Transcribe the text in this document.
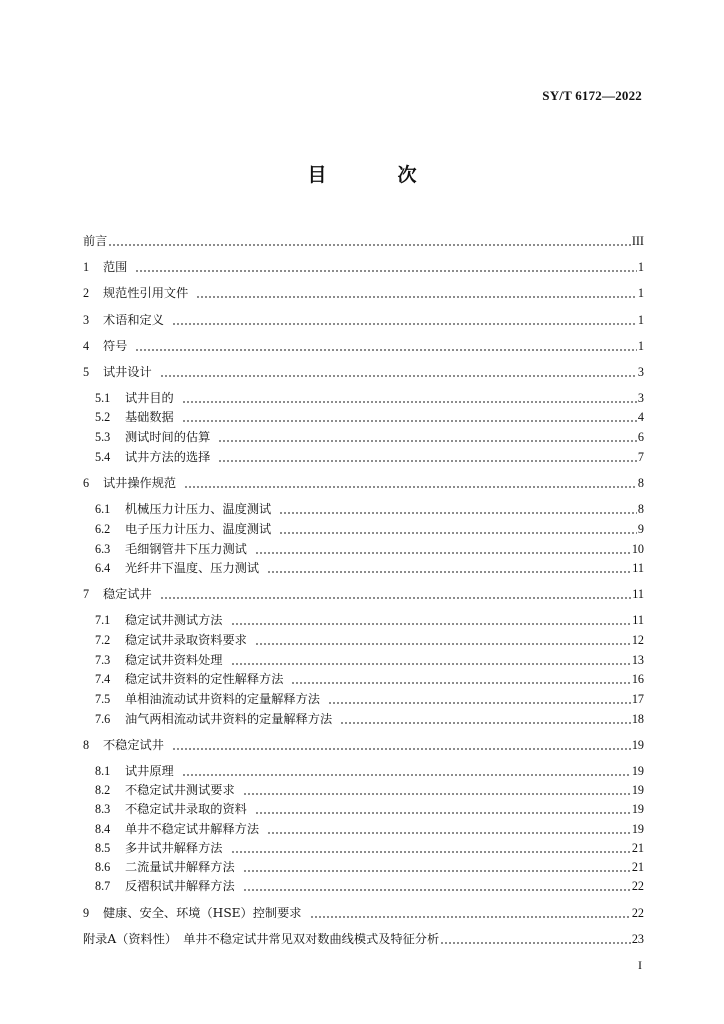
SY/T 6172—2022
目　次
前言	III
1	范围	1
2	规范性引用文件	1
3	术语和定义	1
4	符号	1
5	试井设计	3
5.1	试井目的	3
5.2	基础数据	4
5.3	测试时间的估算	6
5.4	试井方法的选择	7
6	试井操作规范	8
6.1	机械压力计压力、温度测试	8
6.2	电子压力计压力、温度测试	9
6.3	毛细钢管井下压力测试	10
6.4	光纤井下温度、压力测试	11
7	稳定试井	11
7.1	稳定试井测试方法	11
7.2	稳定试井录取资料要求	12
7.3	稳定试井资料处理	13
7.4	稳定试井资料的定性解释方法	16
7.5	单相油流动试井资料的定量解释方法	17
7.6	油气两相流动试井资料的定量解释方法	18
8	不稳定试井	19
8.1	试井原理	19
8.2	不稳定试井测试要求	19
8.3	不稳定试井录取的资料	19
8.4	单井不稳定试井解释方法	19
8.5	多井试井解释方法	21
8.6	二流量试井解释方法	21
8.7	反褶积试井解释方法	22
9	健康、安全、环境（HSE）控制要求	22
附录A（资料性）　单井不稳定试井常见双对数曲线模式及特征分析	23
I
